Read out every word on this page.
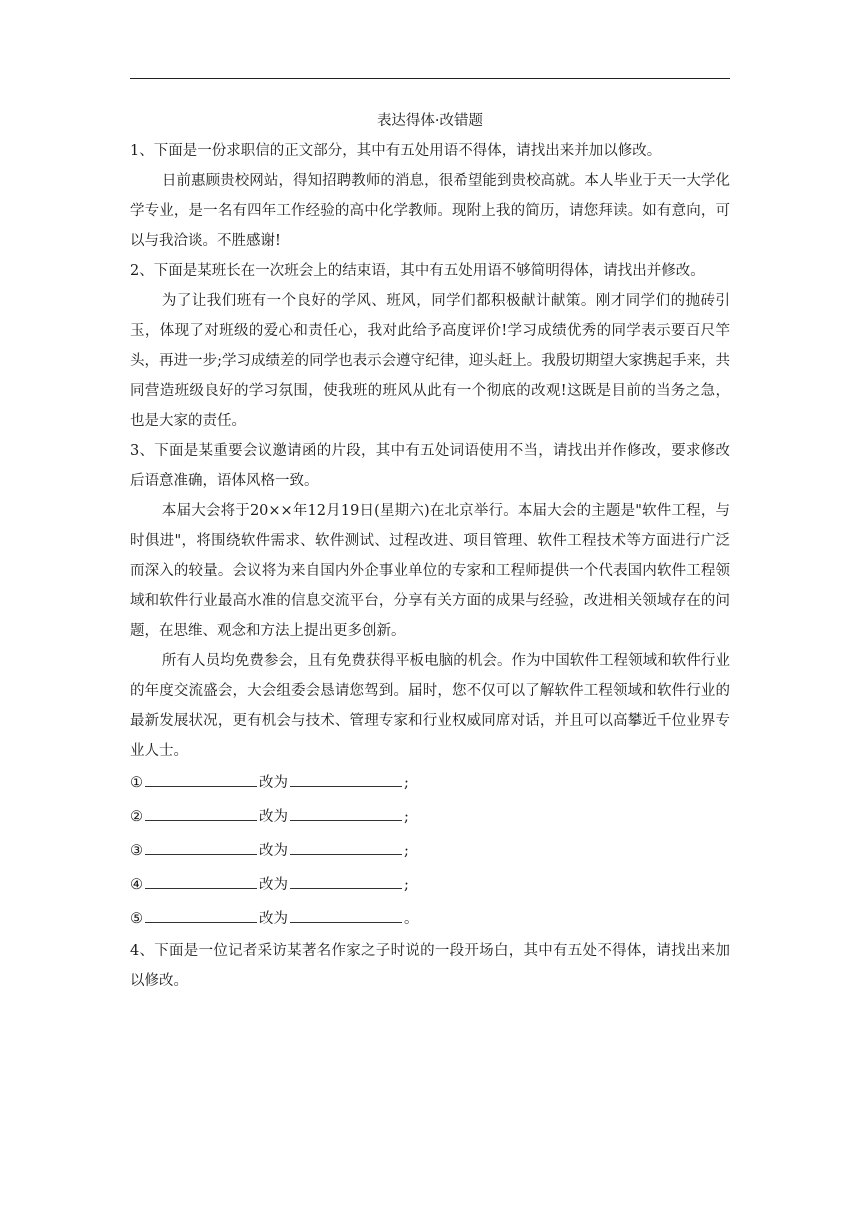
表达得体·改错题

1、下面是一份求职信的正文部分，其中有五处用语不得体，请找出来并加以修改。

日前惠顾贵校网站，得知招聘教师的消息，很希望能到贵校高就。本人毕业于天一大学化学专业，是一名有四年工作经验的高中化学教师。现附上我的简历，请您拜读。如有意向，可以与我洽谈。不胜感谢!

2、下面是某班长在一次班会上的结束语，其中有五处用语不够简明得体，请找出并修改。

为了让我们班有一个良好的学风、班风，同学们都积极献计献策。刚才同学们的抛砖引玉，体现了对班级的爱心和责任心，我对此给予高度评价!学习成绩优秀的同学表示要百尺竿头，再进一步;学习成绩差的同学也表示会遵守纪律，迎头赶上。我殷切期望大家携起手来，共同营造班级良好的学习氛围，使我班的班风从此有一个彻底的改观!这既是目前的当务之急，也是大家的责任。

3、下面是某重要会议邀请函的片段，其中有五处词语使用不当，请找出并作修改，要求修改后语意准确，语体风格一致。

本届大会将于20××年12月19日(星期六)在北京举行。本届大会的主题是"软件工程，与时俱进"，将围绕软件需求、软件测试、过程改进、项目管理、软件工程技术等方面进行广泛而深入的较量。会议将为来自国内外企事业单位的专家和工程师提供一个代表国内软件工程领域和软件行业最高水准的信息交流平台，分享有关方面的成果与经验，改进相关领域存在的问题，在思维、观念和方法上提出更多创新。

所有人员均免费参会，且有免费获得平板电脑的机会。作为中国软件工程领域和软件行业的年度交流盛会，大会组委会恳请您驾到。届时，您不仅可以了解软件工程领域和软件行业的最新发展状况，更有机会与技术、管理专家和行业权威同席对话，并且可以高攀近千位业界专业人士。

①	改为	;

②	改为	;

③	改为	;

④	改为	;

⑤	改为	。

4、下面是一位记者采访某著名作家之子时说的一段开场白，其中有五处不得体，请找出来加以修改。
